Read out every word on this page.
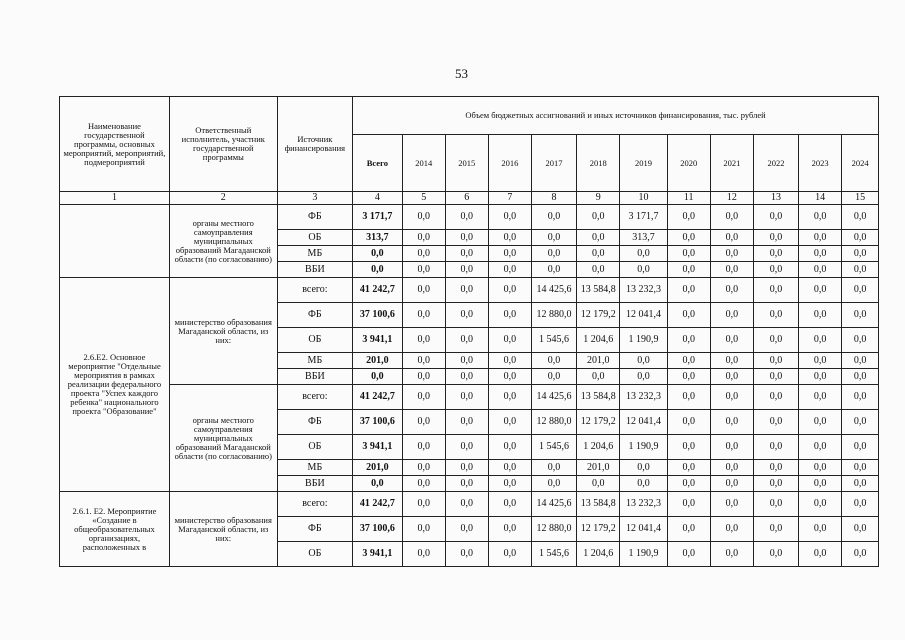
53
Наименование государственной программы, основных мероприятий, мероприятий, подмероприятий	Ответственный исполнитель, участник государственной программы	Источник финансирования	Объем бюджетных ассигнований и иных источников финансирования, тыс. рублей											
			Всего	2014	2015	2016	2017	2018	2019	2020	2021	2022	2023	2024
1	2	3	4	5	6	7	8	9	10	11	12	13	14	15
	органы местного самоуправления муниципальных образований Магаданской области (по согласованию)	ФБ	3 171,7	0,0	0,0	0,0	0,0	0,0	3 171,7	0,0	0,0	0,0	0,0	0,0
		ОБ	313,7	0,0	0,0	0,0	0,0	0,0	313,7	0,0	0,0	0,0	0,0	0,0
		МБ	0,0	0,0	0,0	0,0	0,0	0,0	0,0	0,0	0,0	0,0	0,0	0,0
		ВБИ	0,0	0,0	0,0	0,0	0,0	0,0	0,0	0,0	0,0	0,0	0,0	0,0
2.6.Е2. Основное мероприятие "Отдельные мероприятия в рамках реализации федерального проекта "Успех каждого ребенка" национального проекта "Образование"	министерство образования Магаданской области, из них:	всего:	41 242,7	0,0	0,0	0,0	14 425,6	13 584,8	13 232,3	0,0	0,0	0,0	0,0	0,0
		ФБ	37 100,6	0,0	0,0	0,0	12 880,0	12 179,2	12 041,4	0,0	0,0	0,0	0,0	0,0
		ОБ	3 941,1	0,0	0,0	0,0	1 545,6	1 204,6	1 190,9	0,0	0,0	0,0	0,0	0,0
		МБ	201,0	0,0	0,0	0,0	0,0	201,0	0,0	0,0	0,0	0,0	0,0	0,0
		ВБИ	0,0	0,0	0,0	0,0	0,0	0,0	0,0	0,0	0,0	0,0	0,0	0,0
	органы местного самоуправления муниципальных образований Магаданской области (по согласованию)	всего:	41 242,7	0,0	0,0	0,0	14 425,6	13 584,8	13 232,3	0,0	0,0	0,0	0,0	0,0
		ФБ	37 100,6	0,0	0,0	0,0	12 880,0	12 179,2	12 041,4	0,0	0,0	0,0	0,0	0,0
		ОБ	3 941,1	0,0	0,0	0,0	1 545,6	1 204,6	1 190,9	0,0	0,0	0,0	0,0	0,0
		МБ	201,0	0,0	0,0	0,0	0,0	201,0	0,0	0,0	0,0	0,0	0,0	0,0
		ВБИ	0,0	0,0	0,0	0,0	0,0	0,0	0,0	0,0	0,0	0,0	0,0	0,0
2.6.1. Е2. Мероприятие «Создание в общеобразовательных организациях, расположенных в	министерство образования Магаданской области, из них:	всего:	41 242,7	0,0	0,0	0,0	14 425,6	13 584,8	13 232,3	0,0	0,0	0,0	0,0	0,0
		ФБ	37 100,6	0,0	0,0	0,0	12 880,0	12 179,2	12 041,4	0,0	0,0	0,0	0,0	0,0
		ОБ	3 941,1	0,0	0,0	0,0	1 545,6	1 204,6	1 190,9	0,0	0,0	0,0	0,0	0,0
